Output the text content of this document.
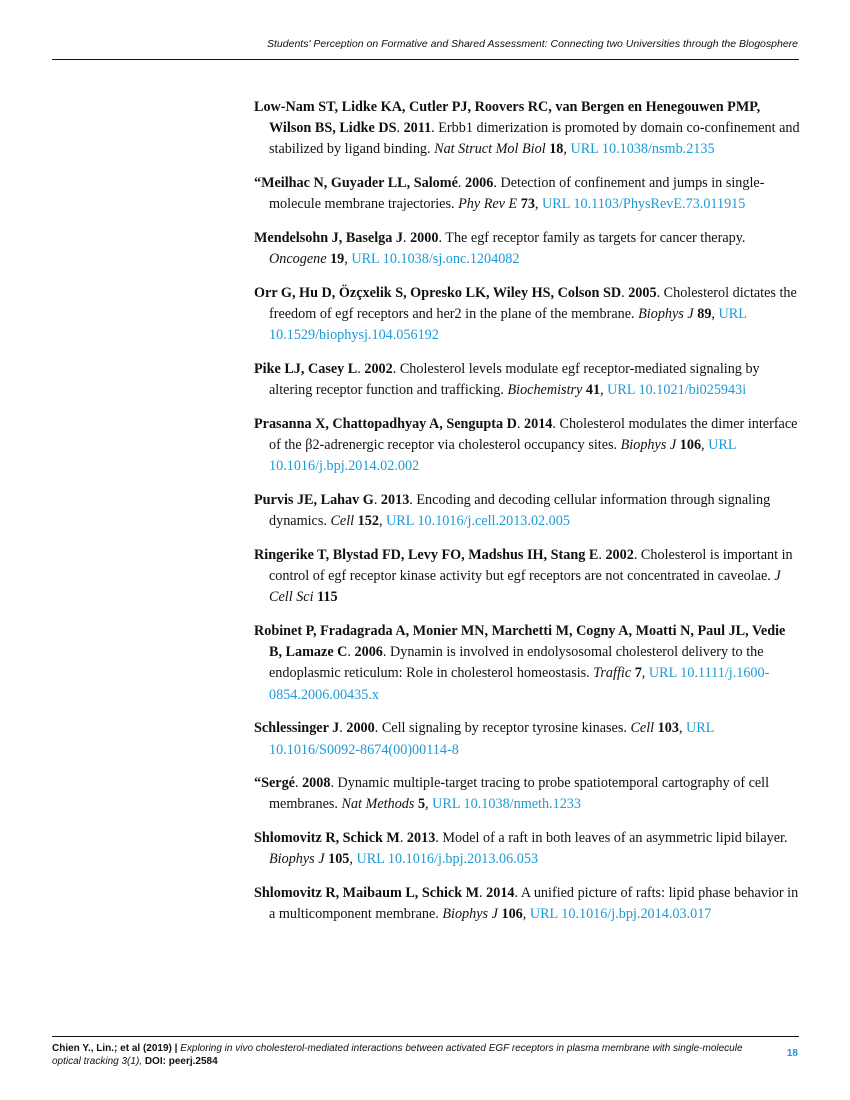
Students' Perception on Formative and Shared Assessment: Connecting two Universities through the Blogosphere

Low-Nam ST, Lidke KA, Cutler PJ, Roovers RC, van Bergen en Henegouwen PMP, Wilson BS, Lidke DS. 2011. Erbb1 dimerization is promoted by domain co-confinement and stabilized by ligand binding. Nat Struct Mol Biol 18, URL 10.1038/nsmb.2135

“Meilhac N, Guyader LL, Salomé. 2006. Detection of confinement and jumps in single-molecule membrane trajectories. Phy Rev E 73, URL 10.1103/PhysRevE.73.011915

Mendelsohn J, Baselga J. 2000. The egf receptor family as targets for cancer therapy. Oncogene 19, URL 10.1038/sj.onc.1204082

Orr G, Hu D, Özçxelik S, Opresko LK, Wiley HS, Colson SD. 2005. Cholesterol dictates the freedom of egf receptors and her2 in the plane of the membrane. Biophys J 89, URL 10.1529/biophysj.104.056192

Pike LJ, Casey L. 2002. Cholesterol levels modulate egf receptor-mediated signaling by altering receptor function and trafficking. Biochemistry 41, URL 10.1021/bi025943i

Prasanna X, Chattopadhyay A, Sengupta D. 2014. Cholesterol modulates the dimer interface of the β2-adrenergic receptor via cholesterol occupancy sites. Biophys J 106, URL 10.1016/j.bpj.2014.02.002

Purvis JE, Lahav G. 2013. Encoding and decoding cellular information through signaling dynamics. Cell 152, URL 10.1016/j.cell.2013.02.005

Ringerike T, Blystad FD, Levy FO, Madshus IH, Stang E. 2002. Cholesterol is important in control of egf receptor kinase activity but egf receptors are not concentrated in caveolae. J Cell Sci 115

Robinet P, Fradagrada A, Monier MN, Marchetti M, Cogny A, Moatti N, Paul JL, Vedie B, Lamaze C. 2006. Dynamin is involved in endolysosomal cholesterol delivery to the endoplasmic reticulum: Role in cholesterol homeostasis. Traffic 7, URL 10.1111/j.1600-0854.2006.00435.x

Schlessinger J. 2000. Cell signaling by receptor tyrosine kinases. Cell 103, URL 10.1016/S0092-8674(00)00114-8

“Sergé. 2008. Dynamic multiple-target tracing to probe spatiotemporal cartography of cell membranes. Nat Methods 5, URL 10.1038/nmeth.1233

Shlomovitz R, Schick M. 2013. Model of a raft in both leaves of an asymmetric lipid bilayer. Biophys J 105, URL 10.1016/j.bpj.2013.06.053

Shlomovitz R, Maibaum L, Schick M. 2014. A unified picture of rafts: lipid phase behavior in a multicomponent membrane. Biophys J 106, URL 10.1016/j.bpj.2014.03.017

Chien Y., Lin.; et al (2019) | Exploring in vivo cholesterol-mediated interactions between activated EGF receptors in plasma membrane with single-molecule optical tracking 3(1), DOI: peerj.2584
18
